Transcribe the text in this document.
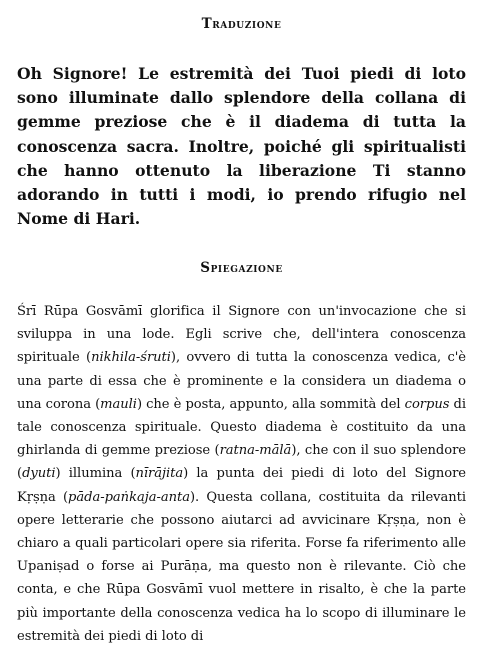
Traduzione

Oh Signore! Le estremità dei Tuoi piedi di loto sono illuminate dallo splendore della collana di gemme preziose che è il diadema di tutta la conoscenza sacra. Inoltre, poiché gli spiritualisti che hanno ottenuto la liberazione Ti stanno adorando in tutti i modi, io prendo rifugio nel Nome di Hari.

Spiegazione

Śrī Rūpa Gosvāmī glorifica il Signore con un'invocazione che si sviluppa in una lode. Egli scrive che, dell'intera conoscenza spirituale (nikhila-śruti), ovvero di tutta la conoscenza vedica, c'è una parte di essa che è prominente e la considera un diadema o una corona (mauli) che è posta, appunto, alla sommità del corpus di tale conoscenza spirituale. Questo diadema è costituito da una ghirlanda di gemme preziose (ratna-mālā), che con il suo splendore (dyuti) illumina (nīrājita) la punta dei piedi di loto del Signore Kṛṣṇa (pāda-paṅkaja-anta). Questa collana, costituita da rilevanti opere letterarie che possono aiutarci ad avvicinare Kṛṣṇa, non è chiaro a quali particolari opere sia riferita. Forse fa riferimento alle Upaniṣad o forse ai Purāṇa, ma questo non è rilevante. Ciò che conta, e che Rūpa Gosvāmī vuol mettere in risalto, è che la parte più importante della conoscenza vedica ha lo scopo di illuminare le estremità dei piedi di loto di
